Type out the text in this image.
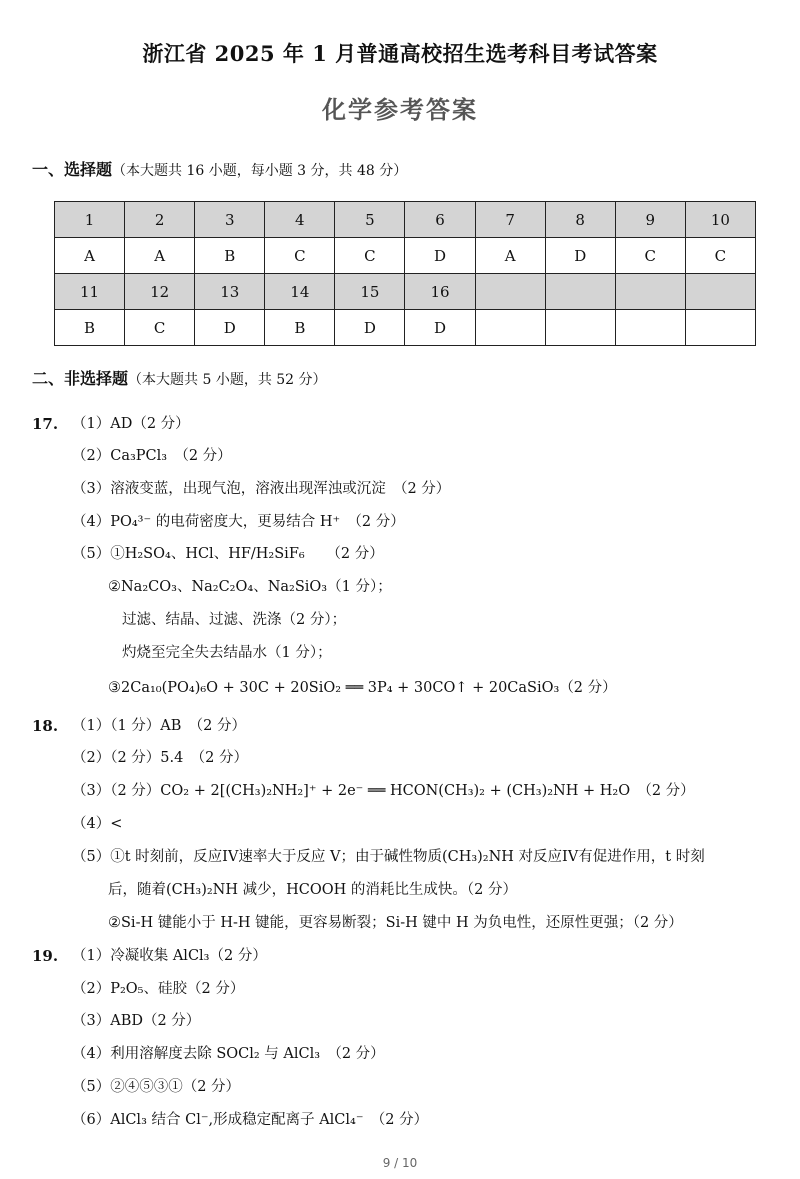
浙江省 2025 年 1 月普通高校招生选考科目考试答案
化学参考答案
一、选择题（本大题共 16 小题，每小题 3 分，共 48 分）
1	2	3	4	5	6	7	8	9	10
A	A	B	C	C	D	A	D	C	C
11	12	13	14	15	16				
B	C	D	B	D	D				
二、非选择题（本大题共 5 小题，共 52 分）
17. （1）AD（2 分）
（2）Ca₃PCl₃　（2 分）
（3）溶液变蓝，出现气泡，溶液出现浑浊或沉淀　（2 分）
（4）PO₄³⁻ 的电荷密度大，更易结合 H⁺　（2 分）
（5）①H₂SO₄、HCl、HF/H₂SiF₆　　（2 分）
②Na₂CO₃、Na₂C₂O₄、Na₂SiO₃（1 分）；
过滤、结晶、过滤、洗涤（2 分）；
灼烧至完全失去结晶水（1 分）；
③2Ca₁₀(PO₄)₆O + 30C + 20SiO₂ ══ 3P₄ + 30CO↑ + 20CaSiO₃（2 分）
18. （1）（1 分）AB　（2 分）
（2）（2 分）5.4　（2 分）
（3）（2 分）CO₂ + 2[(CH₃)₂NH₂]⁺ + 2e⁻ ══ HCON(CH₃)₂ + (CH₃)₂NH + H₂O　（2 分）
（4）<
（5）①t 时刻前，反应IV速率大于反应 V；由于碱性物质(CH₃)₂NH 对反应IV有促进作用，t 时刻
后，随着(CH₃)₂NH 减少，HCOOH 的消耗比生成快。（2 分）
②Si-H 键能小于 H-H 键能，更容易断裂；Si-H 键中 H 为负电性，还原性更强；（2 分）
19. （1）冷凝收集 AlCl₃（2 分）
（2）P₂O₅、硅胶（2 分）
（3）ABD（2 分）
（4）利用溶解度去除 SOCl₂ 与 AlCl₃　（2 分）
（5）②④⑤③①（2 分）
（6）AlCl₃ 结合 Cl⁻,形成稳定配离子 AlCl₄⁻　（2 分）
9 / 10
